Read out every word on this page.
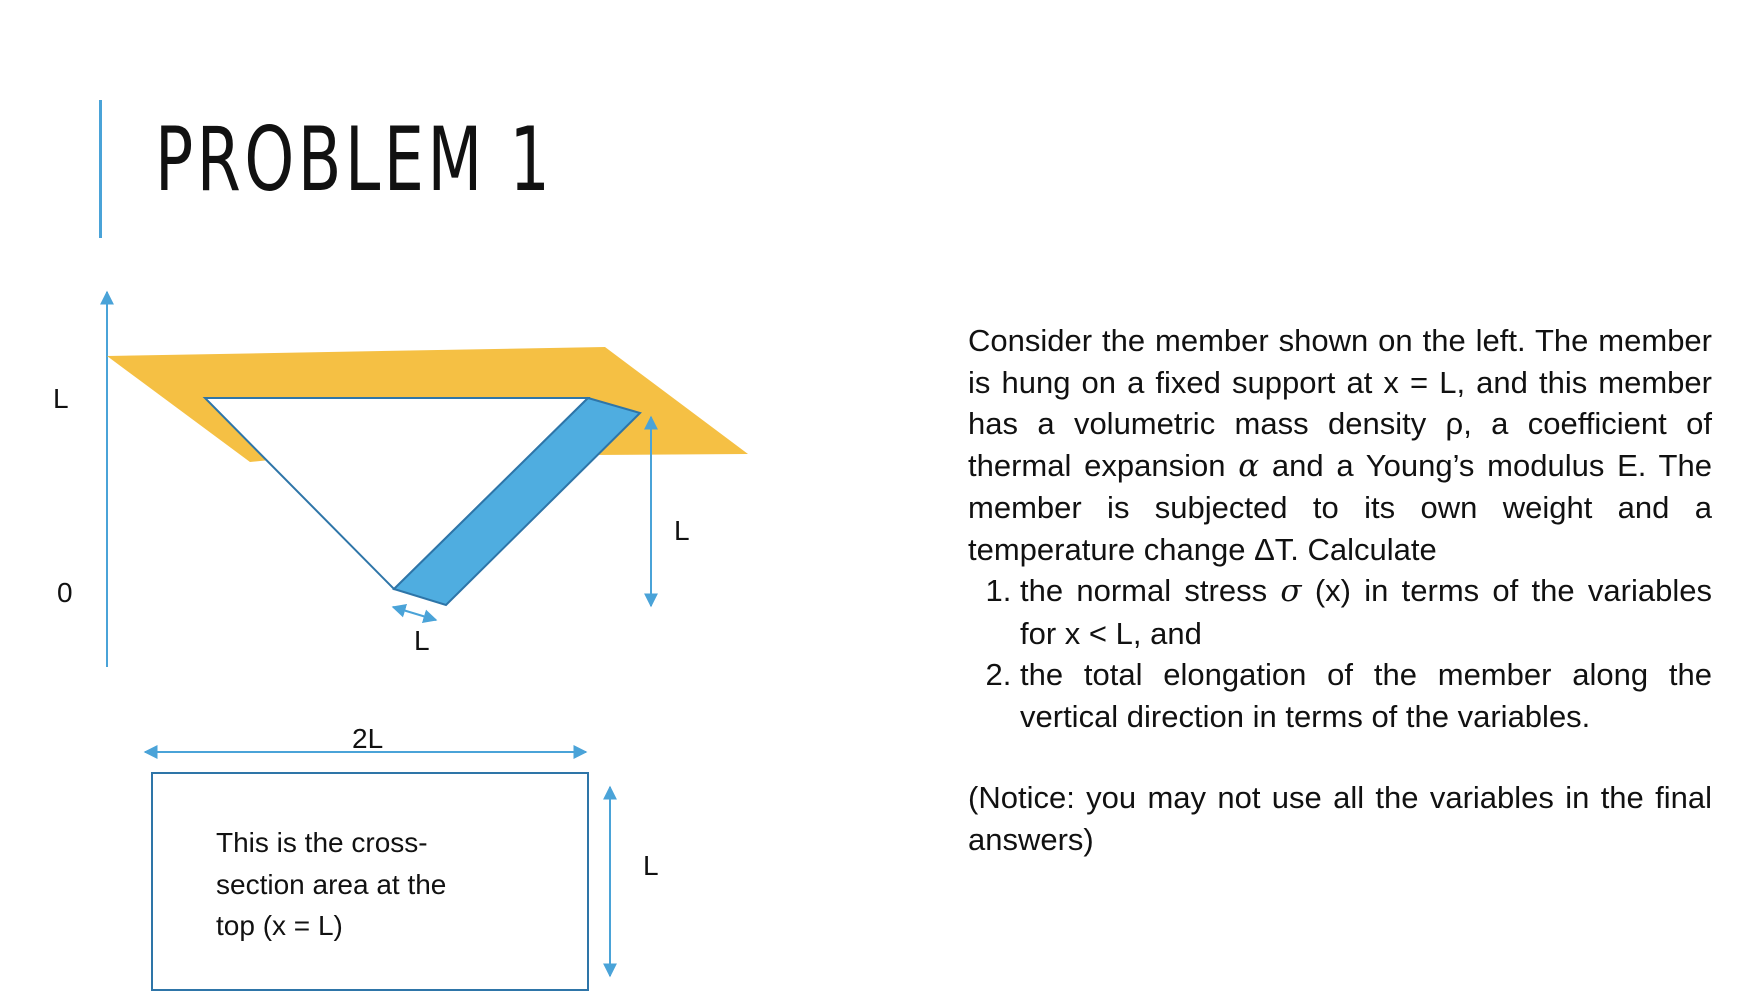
PROBLEM 1
L
0
L
L
2L
This is the cross-
section area at the
top (x = L)
L

Consider the member shown on the left. The member is hung on a fixed support at x = L, and this member has a volumetric mass density ρ, a coefficient of thermal expansion α and a Young’s modulus E. The member is subjected to its own weight and a temperature change ΔT. Calculate

1. the normal stress σ (x) in terms of the variables for x < L, and
2. the total elongation of the member along the vertical direction in terms of the variables.

(Notice: you may not use all the variables in the final answers)
